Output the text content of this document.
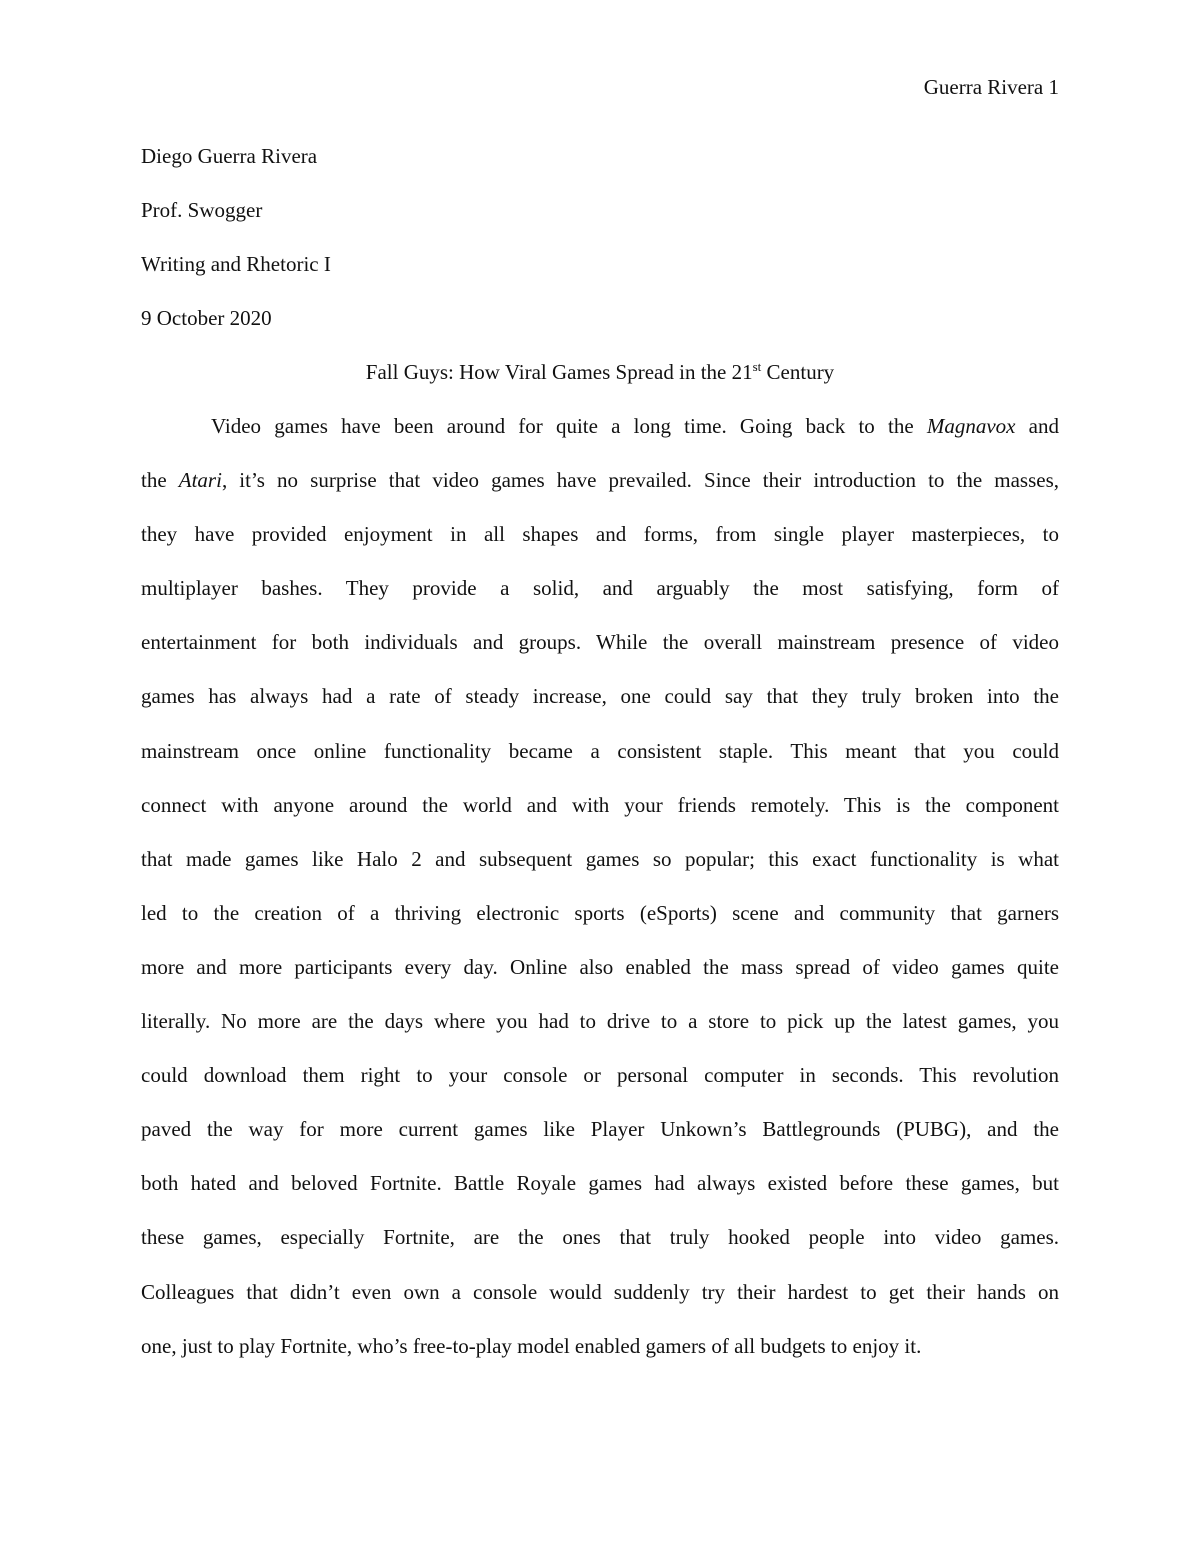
Guerra Rivera 1
Diego Guerra Rivera
Prof. Swogger
Writing and Rhetoric I
9 October 2020
Fall Guys: How Viral Games Spread in the 21st Century
Video games have been around for quite a long time. Going back to the Magnavox and
the Atari, it’s no surprise that video games have prevailed. Since their introduction to the masses,
they have provided enjoyment in all shapes and forms, from single player masterpieces, to
multiplayer bashes. They provide a solid, and arguably the most satisfying, form of
entertainment for both individuals and groups. While the overall mainstream presence of video
games has always had a rate of steady increase, one could say that they truly broken into the
mainstream once online functionality became a consistent staple. This meant that you could
connect with anyone around the world and with your friends remotely. This is the component
that made games like Halo 2 and subsequent games so popular; this exact functionality is what
led to the creation of a thriving electronic sports (eSports) scene and community that garners
more and more participants every day. Online also enabled the mass spread of video games quite
literally. No more are the days where you had to drive to a store to pick up the latest games, you
could download them right to your console or personal computer in seconds. This revolution
paved the way for more current games like Player Unkown’s Battlegrounds (PUBG), and the
both hated and beloved Fortnite. Battle Royale games had always existed before these games, but
these games, especially Fortnite, are the ones that truly hooked people into video games.
Colleagues that didn’t even own a console would suddenly try their hardest to get their hands on
one, just to play Fortnite, who’s free-to-play model enabled gamers of all budgets to enjoy it.
